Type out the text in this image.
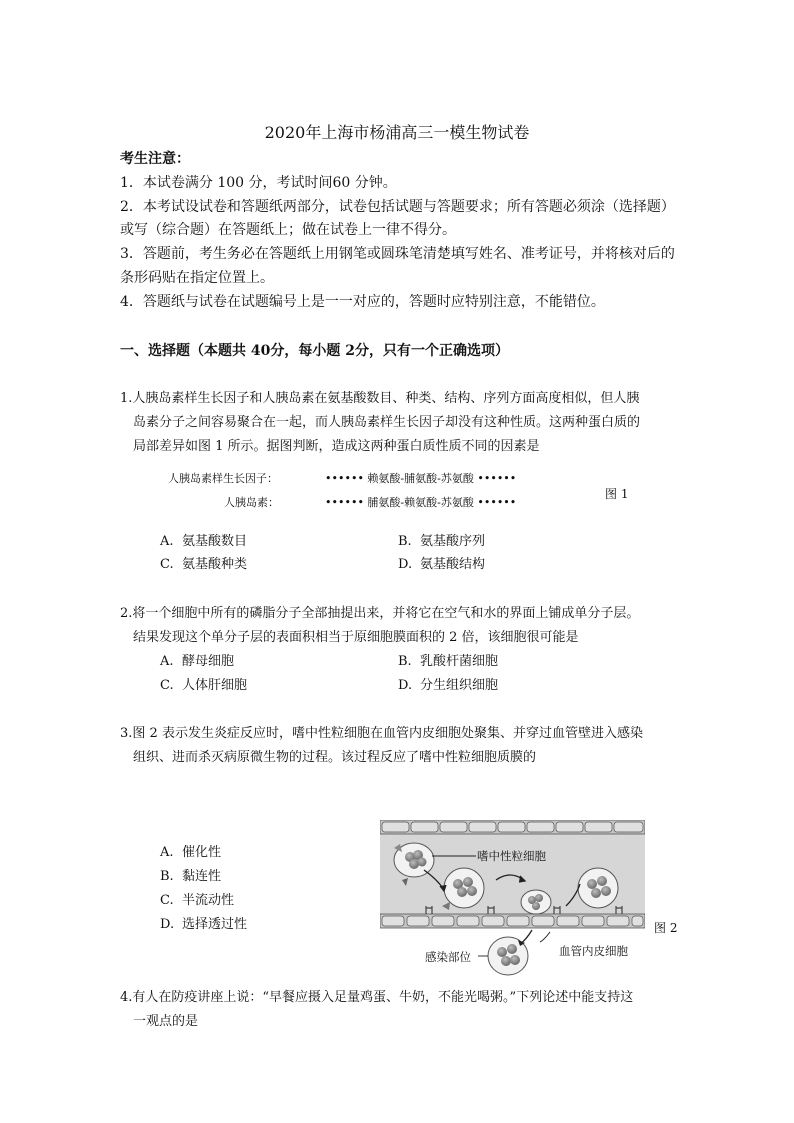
2020年上海市杨浦高三一模生物试卷
考生注意：
1．本试卷满分 100 分，考试时间60 分钟。
2．本考试设试卷和答题纸两部分，试卷包括试题与答题要求；所有答题必须涂（选择题）
或写（综合题）在答题纸上；做在试卷上一律不得分。
3．答题前，考生务必在答题纸上用钢笔或圆珠笔清楚填写姓名、准考证号，并将核对后的
条形码贴在指定位置上。
4．答题纸与试卷在试题编号上是一一对应的，答题时应特别注意，不能错位。
一、选择题（本题共 40分，每小题 2分，只有一个正确选项）
1.人胰岛素样生长因子和人胰岛素在氨基酸数目、种类、结构、序列方面高度相似，但人胰
岛素分子之间容易聚合在一起，而人胰岛素样生长因子却没有这种性质。这两种蛋白质的
局部差异如图 1 所示。据图判断，造成这两种蛋白质性质不同的因素是
人胰岛素样生长因子：	•••••• 赖氨酸-脯氨酸-苏氨酸 ••••••
人胰岛素：	•••••• 脯氨酸-赖氨酸-苏氨酸 ••••••
图 1
A. 氨基酸数目	B. 氨基酸序列
C. 氨基酸种类	D. 氨基酸结构
2.将一个细胞中所有的磷脂分子全部抽提出来，并将它在空气和水的界面上铺成单分子层。
结果发现这个单分子层的表面积相当于原细胞膜面积的 2 倍，该细胞很可能是
A. 酵母细胞	B. 乳酸杆菌细胞
C. 人体肝细胞	D. 分生组织细胞
3.图 2 表示发生炎症反应时，嗜中性粒细胞在血管内皮细胞处聚集、并穿过血管壁进入感染
组织、进而杀灭病原微生物的过程。该过程反应了嗜中性粒细胞质膜的
A. 催化性
B. 黏连性
C. 半流动性
D. 选择透过性
嗜中性粒细胞
感染部位	血管内皮细胞
图 2
4.有人在防疫讲座上说：“早餐应摄入足量鸡蛋、牛奶，不能光喝粥。”下列论述中能支持这
一观点的是
